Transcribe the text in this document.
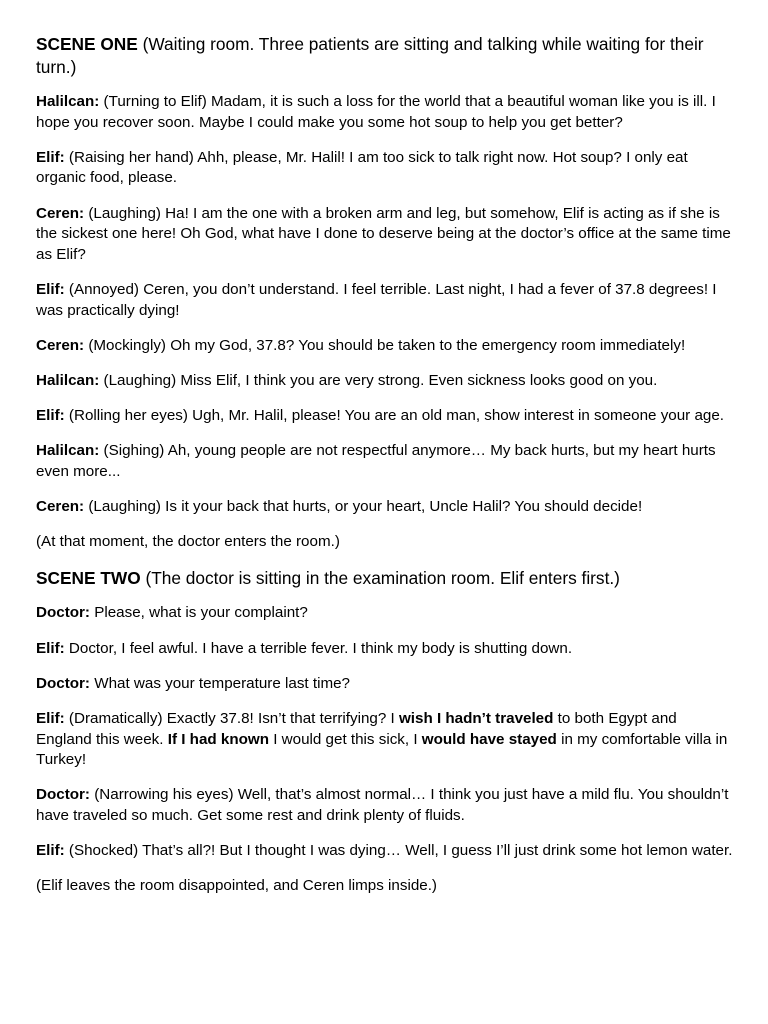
SCENE ONE (Waiting room. Three patients are sitting and talking while waiting for their turn.)

Halilcan: (Turning to Elif) Madam, it is such a loss for the world that a beautiful woman like you is ill. I hope you recover soon. Maybe I could make you some hot soup to help you get better?

Elif: (Raising her hand) Ahh, please, Mr. Halil! I am too sick to talk right now. Hot soup? I only eat organic food, please.

Ceren: (Laughing) Ha! I am the one with a broken arm and leg, but somehow, Elif is acting as if she is the sickest one here! Oh God, what have I done to deserve being at the doctor’s office at the same time as Elif?

Elif: (Annoyed) Ceren, you don’t understand. I feel terrible. Last night, I had a fever of 37.8 degrees! I was practically dying!

Ceren: (Mockingly) Oh my God, 37.8? You should be taken to the emergency room immediately!

Halilcan: (Laughing) Miss Elif, I think you are very strong. Even sickness looks good on you.

Elif: (Rolling her eyes) Ugh, Mr. Halil, please! You are an old man, show interest in someone your age.

Halilcan: (Sighing) Ah, young people are not respectful anymore… My back hurts, but my heart hurts even more...

Ceren: (Laughing) Is it your back that hurts, or your heart, Uncle Halil? You should decide!

(At that moment, the doctor enters the room.)

SCENE TWO (The doctor is sitting in the examination room. Elif enters first.)

Doctor: Please, what is your complaint?

Elif: Doctor, I feel awful. I have a terrible fever. I think my body is shutting down.

Doctor: What was your temperature last time?

Elif: (Dramatically) Exactly 37.8! Isn’t that terrifying? I wish I hadn’t traveled to both Egypt and England this week. If I had known I would get this sick, I would have stayed in my comfortable villa in Turkey!

Doctor: (Narrowing his eyes) Well, that’s almost normal… I think you just have a mild flu. You shouldn’t have traveled so much. Get some rest and drink plenty of fluids.

Elif: (Shocked) That’s all?! But I thought I was dying… Well, I guess I’ll just drink some hot lemon water.

(Elif leaves the room disappointed, and Ceren limps inside.)
